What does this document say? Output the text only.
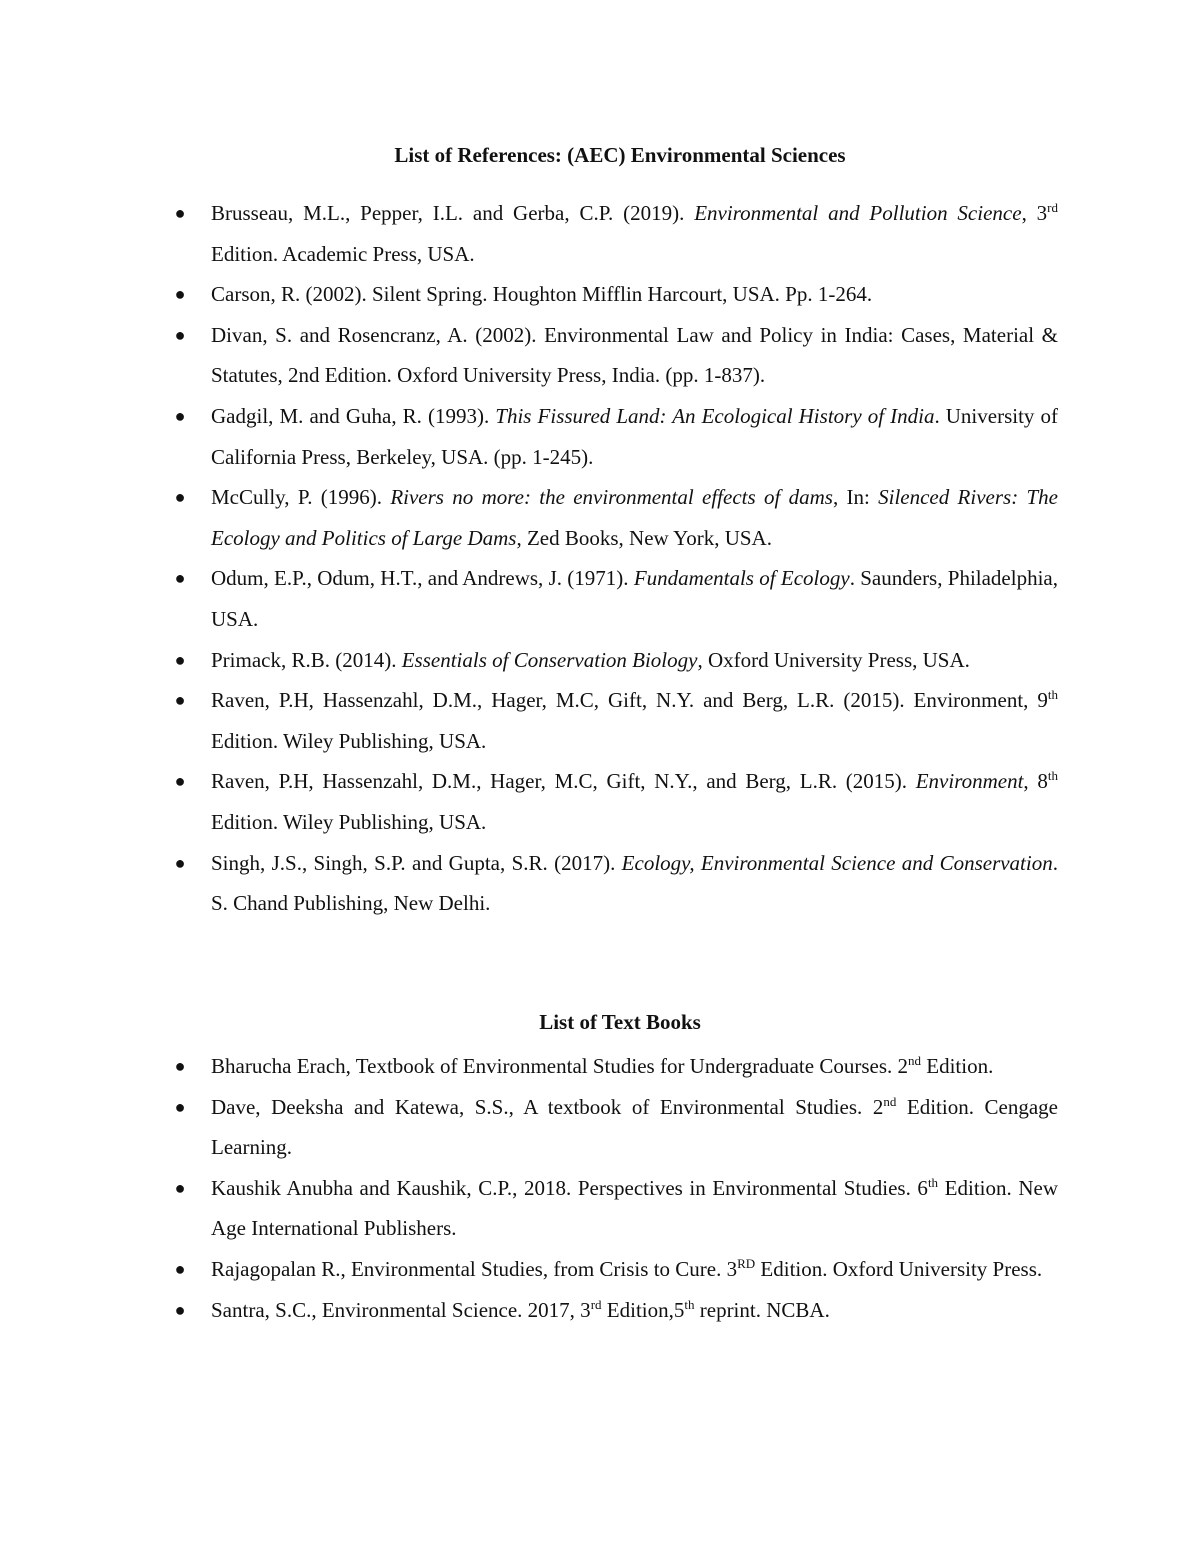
List of References: (AEC) Environmental Sciences
● Brusseau, M.L., Pepper, I.L. and Gerba, C.P. (2019). Environmental and Pollution Science, 3rd Edition. Academic Press, USA.
● Carson, R. (2002). Silent Spring. Houghton Mifflin Harcourt, USA. Pp. 1-264.
● Divan, S. and Rosencranz, A. (2002). Environmental Law and Policy in India: Cases, Material & Statutes, 2nd Edition. Oxford University Press, India. (pp. 1-837).
● Gadgil, M. and Guha, R. (1993). This Fissured Land: An Ecological History of India. University of California Press, Berkeley, USA. (pp. 1-245).
● McCully, P. (1996). Rivers no more: the environmental effects of dams, In: Silenced Rivers: The Ecology and Politics of Large Dams, Zed Books, New York, USA.
● Odum, E.P., Odum, H.T., and Andrews, J. (1971). Fundamentals of Ecology. Saunders, Philadelphia, USA.
● Primack, R.B. (2014). Essentials of Conservation Biology, Oxford University Press, USA.
● Raven, P.H, Hassenzahl, D.M., Hager, M.C, Gift, N.Y. and Berg, L.R. (2015). Environment, 9th Edition. Wiley Publishing, USA.
● Raven, P.H, Hassenzahl, D.M., Hager, M.C, Gift, N.Y., and Berg, L.R. (2015). Environment, 8th Edition. Wiley Publishing, USA.
● Singh, J.S., Singh, S.P. and Gupta, S.R. (2017). Ecology, Environmental Science and Conservation. S. Chand Publishing, New Delhi.
List of Text Books
● Bharucha Erach, Textbook of Environmental Studies for Undergraduate Courses. 2nd Edition.
● Dave, Deeksha and Katewa, S.S., A textbook of Environmental Studies. 2nd Edition. Cengage Learning.
● Kaushik Anubha and Kaushik, C.P., 2018. Perspectives in Environmental Studies. 6th Edition. New Age International Publishers.
● Rajagopalan R., Environmental Studies, from Crisis to Cure. 3RD Edition. Oxford University Press.
● Santra, S.C., Environmental Science. 2017, 3rd Edition,5th reprint. NCBA.
